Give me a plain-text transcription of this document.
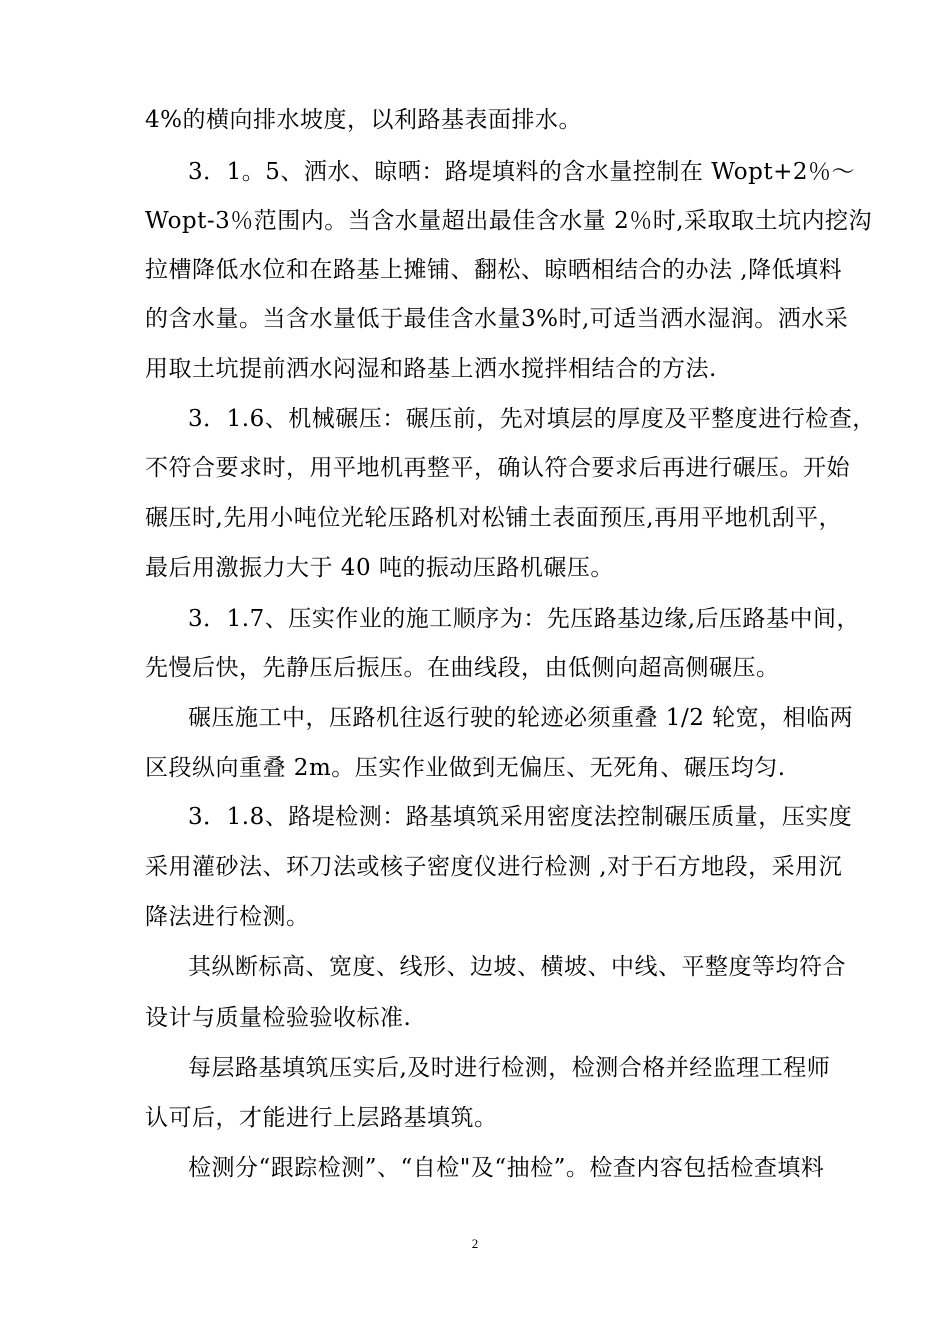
4%的横向排水坡度，以利路基表面排水。
3．1。5、洒水、晾晒：路堤填料的含水量控制在 Wopt+2％～
Wopt-3％范围内。当含水量超出最佳含水量 2％时,采取取土坑内挖沟
拉槽降低水位和在路基上摊铺、翻松、晾晒相结合的办法 ,降低填料
的含水量。当含水量低于最佳含水量3%时,可适当洒水湿润。洒水采
用取土坑提前洒水闷湿和路基上洒水搅拌相结合的方法.
3．1.6、机械碾压：碾压前，先对填层的厚度及平整度进行检查，
不符合要求时，用平地机再整平，确认符合要求后再进行碾压。开始
碾压时,先用小吨位光轮压路机对松铺土表面预压,再用平地机刮平，
最后用激振力大于 40 吨的振动压路机碾压。
3．1.7、压实作业的施工顺序为：先压路基边缘,后压路基中间，
先慢后快，先静压后振压。在曲线段，由低侧向超高侧碾压。
碾压施工中，压路机往返行驶的轮迹必须重叠 1/2 轮宽，相临两
区段纵向重叠 2m。压实作业做到无偏压、无死角、碾压均匀.
3．1.8、路堤检测：路基填筑采用密度法控制碾压质量，压实度
采用灌砂法、环刀法或核子密度仪进行检测 ,对于石方地段，采用沉
降法进行检测。
其纵断标高、宽度、线形、边坡、横坡、中线、平整度等均符合
设计与质量检验验收标准.
每层路基填筑压实后,及时进行检测，检测合格并经监理工程师
认可后，才能进行上层路基填筑。
检测分“跟踪检测”、“自检"及“抽检”。检查内容包括检查填料
2
